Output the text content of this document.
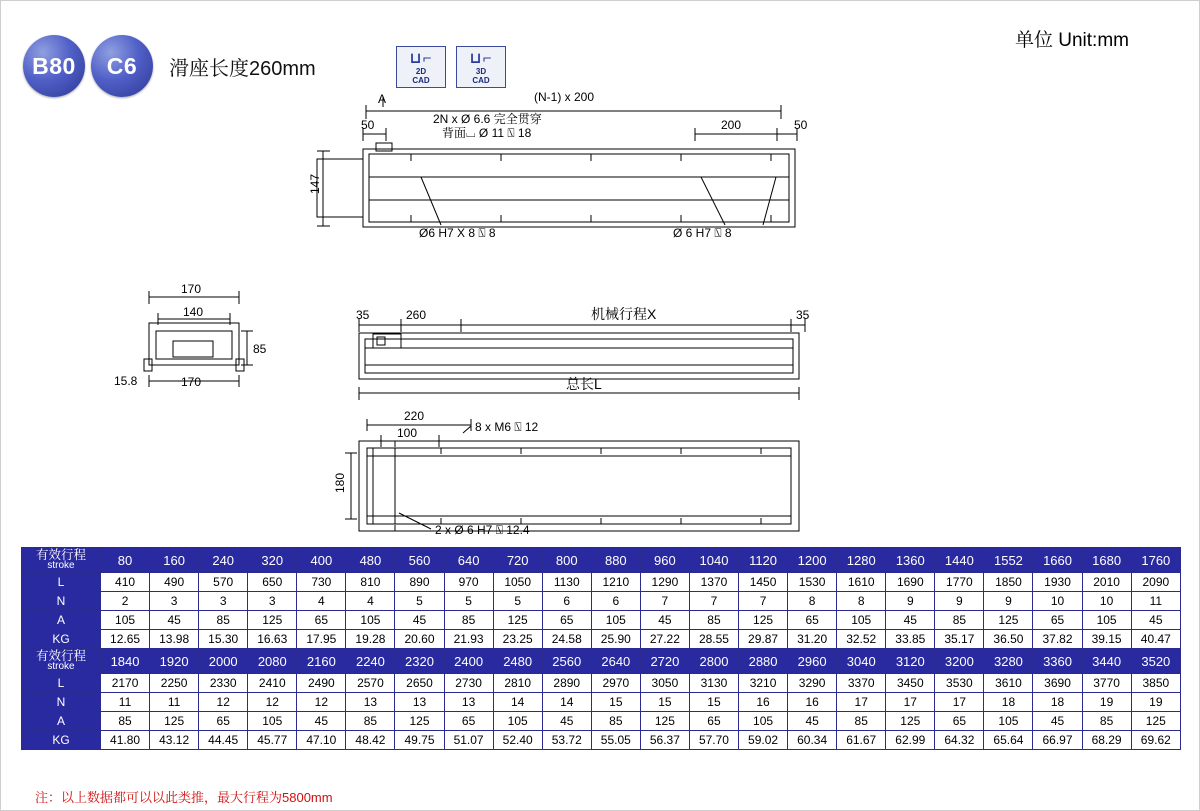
B80	C6	滑座长度260mm	⊔⌐
2D
CAD
⊔⌐
3D
CAD
单位 Unit:mm
A	(N-1) x 200
2N x Ø 6.6 完全贯穿
背面⌴ Ø 11 ⍂ 18
50	200	50
147
Ø6 H7 X 8 ⍂ 8	Ø 6 H7 ⍂ 8
170
140
85
15.8	170
35	260	机械行程X	35
总长L
220
100	8 x M6 ⍂ 12
180
2 x Ø 6 H7 ⍂ 12.4
有效行程
stroke	80	160	240	320	400	480	560	640	720	800	880	960	1040	1120	1200	1280	1360	1440	1552	1660	1680	1760
L	410	490	570	650	730	810	890	970	1050	1130	1210	1290	1370	1450	1530	1610	1690	1770	1850	1930	2010	2090
N	2	3	3	3	4	4	5	5	5	6	6	7	7	7	8	8	9	9	9	10	10	11
A	105	45	85	125	65	105	45	85	125	65	105	45	85	125	65	105	45	85	125	65	105	45
KG	12.65	13.98	15.30	16.63	17.95	19.28	20.60	21.93	23.25	24.58	25.90	27.22	28.55	29.87	31.20	32.52	33.85	35.17	36.50	37.82	39.15	40.47

有效行程
stroke	1840	1920	2000	2080	2160	2240	2320	2400	2480	2560	2640	2720	2800	2880	2960	3040	3120	3200	3280	3360	3440	3520
L	2170	2250	2330	2410	2490	2570	2650	2730	2810	2890	2970	3050	3130	3210	3290	3370	3450	3530	3610	3690	3770	3850
N	11	11	12	12	12	13	13	13	14	14	15	15	15	16	16	17	17	17	18	18	19	19
A	85	125	65	105	45	85	125	65	105	45	85	125	65	105	45	85	125	65	105	45	85	125
KG	41.80	43.12	44.45	45.77	47.10	48.42	49.75	51.07	52.40	53.72	55.05	56.37	57.70	59.02	60.34	61.67	62.99	64.32	65.64	66.97	68.29	69.62
注：以上数据都可以以此类推，最大行程为5800mm
